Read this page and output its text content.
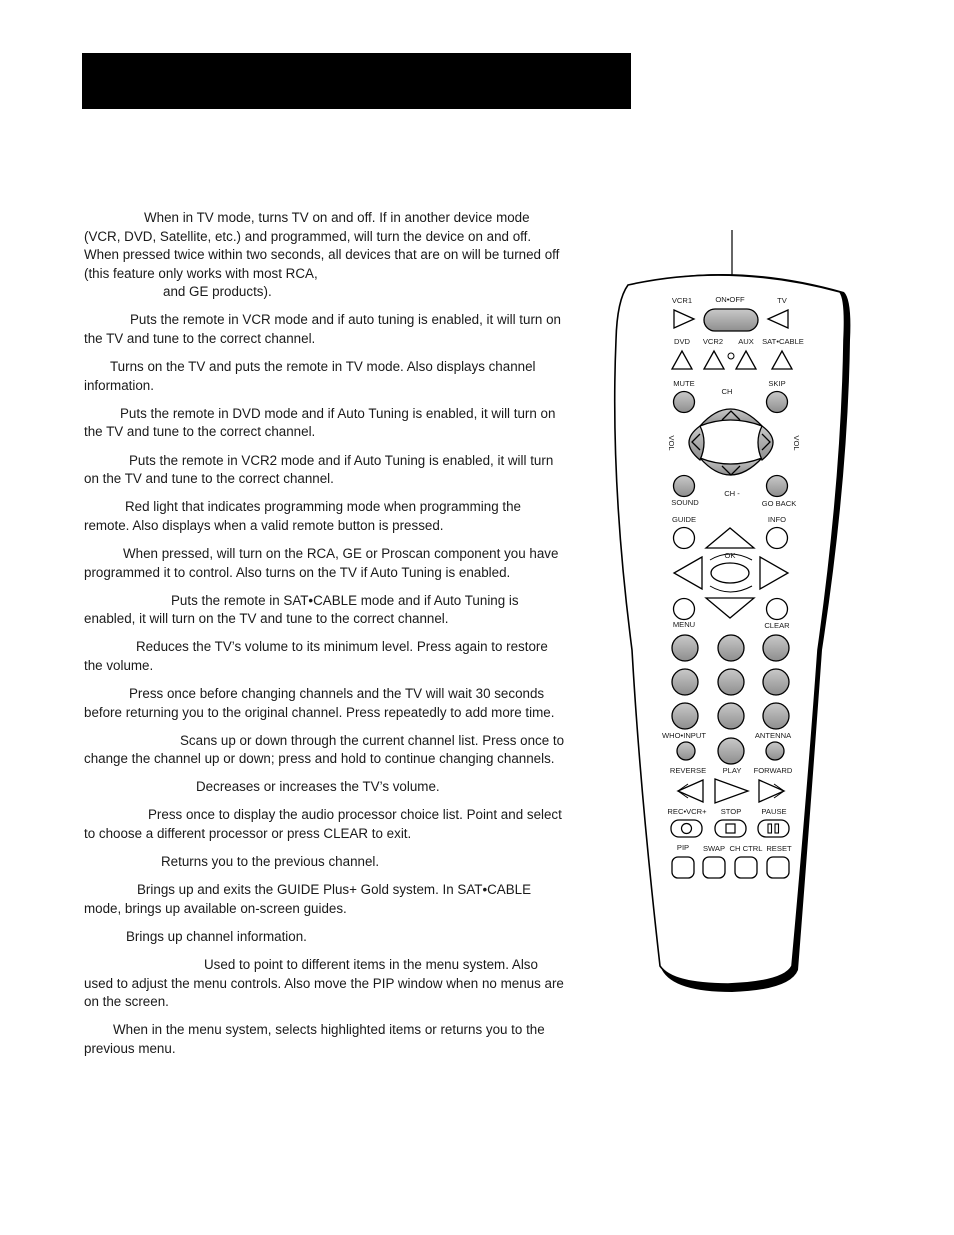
When in TV mode, turns TV on and off. If in another device mode (VCR, DVD, Satellite, etc.) and programmed, will turn the device on and off. When pressed twice within two seconds, all devices that are on will be turned off (this feature only works with most RCA,

and GE products).

Puts the remote in VCR mode and if auto tuning is enabled, it will turn on the TV and tune to the correct channel.

Turns on the TV and puts the remote in TV mode. Also displays channel information.

Puts the remote in DVD mode and if Auto Tuning is enabled, it will turn on the TV and tune to the correct channel.

Puts the remote in VCR2 mode and if Auto Tuning is enabled, it will turn on the TV and tune to the correct channel.

Red light that indicates programming mode when programming the remote. Also displays when a valid remote button is pressed.

When pressed, will turn on the RCA, GE or Proscan component you have programmed it to control. Also turns on the TV if Auto Tuning is enabled.

Puts the remote in SAT•CABLE mode and if Auto Tuning is enabled, it will turn on the TV and tune to the correct channel.

Reduces the TV’s volume to its minimum level. Press again to restore the volume.

Press once before changing channels and the TV will wait 30 seconds before returning you to the original channel. Press repeatedly to add more time.

Scans up or down through the current channel list. Press once to change the channel up or down; press and hold to continue changing channels.

Decreases or increases the TV’s volume.

Press once to display the audio processor choice list. Point and select to choose a different processor or press CLEAR to exit.

Returns you to the previous channel.

Brings up and exits the GUIDE Plus+ Gold system. In SAT•CABLE mode, brings up available on-screen guides.

Brings up channel information.

Used to point to different items in the menu system. Also used to adjust the menu controls. Also move the PIP window when no menus are on the screen.

When in the menu system, selects highlighted items or returns you to the previous menu.

VCR1	ON•OFF	TV
DVD VCR2 AUX SAT•CABLE
MUTE
CH
SKIP
VOL	VOL
SOUND
CH -
GO BACK
GUIDE	INFO
OK
MENU	CLEAR
WHO•INPUT	ANTENNA
REVERSE PLAY FORWARD
REC•VCR+ STOP	PAUSE
PIP SWAP CH CTRL RESET
